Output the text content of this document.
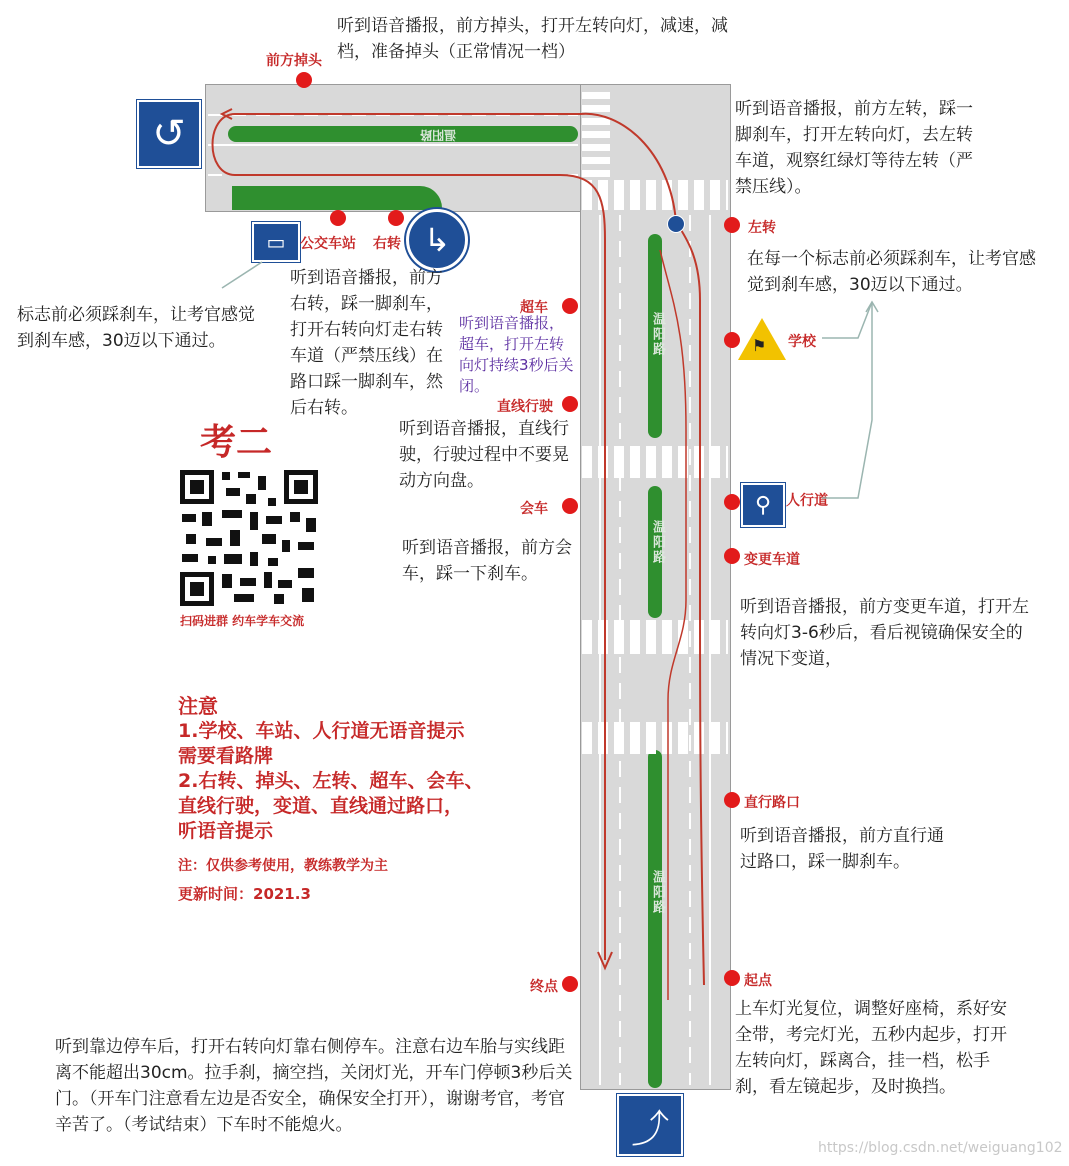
温阳路
温阳路
温阳路
温阳路
↺
▭	↳
⚑
⚲
⤴
前方掉头
公交车站 右转
左转
超车
学校
直线行驶
人行道
会车
变更车道
直行路口
起点
终点
听到语音播报，前方掉头，打开左转向灯，减速，减档，准备掉头（正常情况一档）
听到语音播报，前方左转，踩一脚刹车，打开左转向灯，去左转车道，观察红绿灯等待左转（严禁压线）。
在每一个标志前必须踩刹车，让考官感觉到刹车感，30迈以下通过。
标志前必须踩刹车，让考官感觉到刹车感，30迈以下通过。
听到语音播报，前方右转，踩一脚刹车，打开右转向灯走右转车道（严禁压线）在路口踩一脚刹车，然后右转。
听到语音播报，超车，打开左转向灯持续3秒后关闭。
听到语音播报，直线行驶，行驶过程中不要晃动方向盘。
听到语音播报，前方会车，踩一下刹车。
听到语音播报，前方变更车道，打开左转向灯3-6秒后，看后视镜确保安全的情况下变道，
听到语音播报，前方直行通过路口，踩一脚刹车。
上车灯光复位，调整好座椅，系好安全带，考完灯光，五秒内起步，打开左转向灯，踩离合，挂一档，松手刹，看左镜起步，及时换挡。
听到靠边停车后，打开右转向灯靠右侧停车。注意右边车胎与实线距离不能超出30cm。拉手刹，摘空挡，关闭灯光，开车门停顿3秒后关门。（开车门注意看左边是否安全，确保安全打开），谢谢考官，考官辛苦了。（考试结束）下车时不能熄火。
考二
扫码进群 约车学车交流
注意
1.学校、车站、人行道无语音提示
需要看路牌
2.右转、掉头、左转、超车、会车、
直线行驶，变道、直线通过路口，
听语音提示
注：仅供参考使用，教练教学为主
更新时间：2021.3
https://blog.csdn.net/weiguang102
